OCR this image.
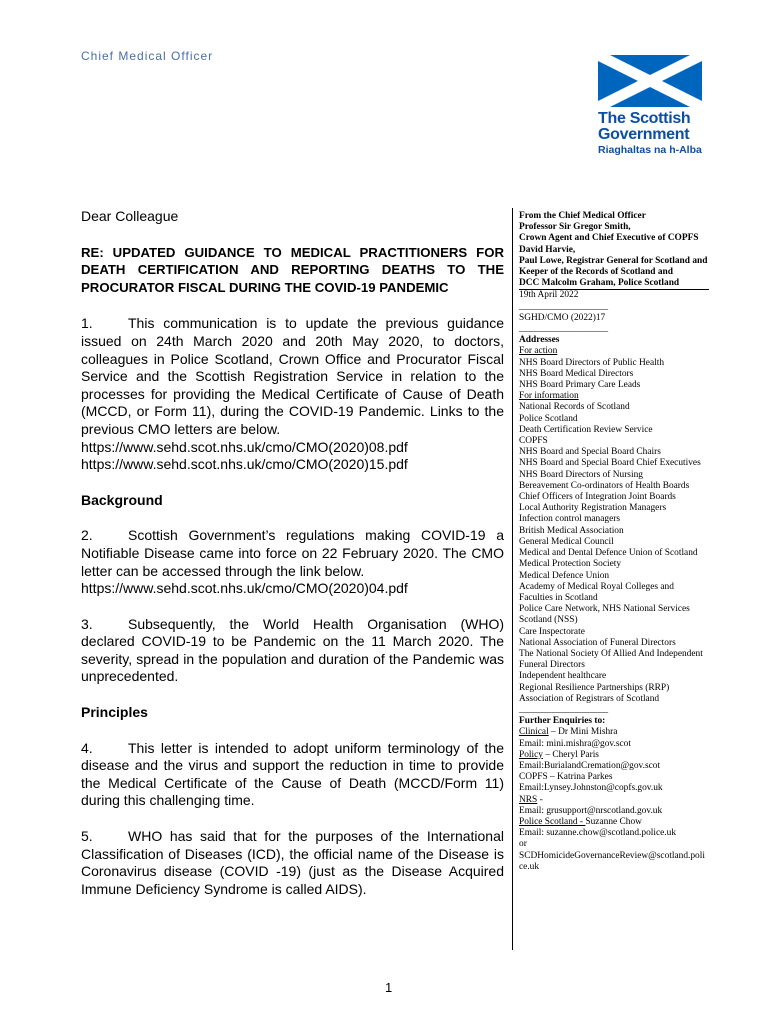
Chief Medical Officer
The Scottish
Government
Riaghaltas na h-Alba

Dear Colleague

RE: UPDATED GUIDANCE TO MEDICAL PRACTITIONERS FOR DEATH CERTIFICATION AND REPORTING DEATHS TO THE PROCURATOR FISCAL DURING THE COVID-19 PANDEMIC

1.	This communication is to update the previous guidance issued on 24th March 2020 and 20th May 2020, to doctors, colleagues in Police Scotland, Crown Office and Procurator Fiscal Service and the Scottish Registration Service in relation to the processes for providing the Medical Certificate of Cause of Death (MCCD, or Form 11), during the COVID-19 Pandemic. Links to the previous CMO letters are below.
https://www.sehd.scot.nhs.uk/cmo/CMO(2020)08.pdf
https://www.sehd.scot.nhs.uk/cmo/CMO(2020)15.pdf

Background

2.	Scottish Government’s regulations making COVID-19 a Notifiable Disease came into force on 22 February 2020. The CMO letter can be accessed through the link below.
https://www.sehd.scot.nhs.uk/cmo/CMO(2020)04.pdf

3.	Subsequently, the World Health Organisation (WHO) declared COVID-19 to be Pandemic on the 11 March 2020. The severity, spread in the population and duration of the Pandemic was unprecedented.

Principles

4.	This letter is intended to adopt uniform terminology of the disease and the virus and support the reduction in time to provide the Medical Certificate of the Cause of Death (MCCD/Form 11) during this challenging time.

5.	WHO has said that for the purposes of the International Classification of Diseases (ICD), the official name of the Disease is Coronavirus disease (COVID -19) (just as the Disease Acquired Immune Deficiency Syndrome is called AIDS).

From the Chief Medical Officer
Professor Sir Gregor Smith,
Crown Agent and Chief Executive of COPFS
David Harvie,
Paul Lowe, Registrar General for Scotland and Keeper of the Records of Scotland and
DCC Malcolm Graham, Police Scotland
19th April 2022
___________________
SGHD/CMO (2022)17
___________________
Addresses
For action
NHS Board Directors of Public Health
NHS Board Medical Directors
NHS Board Primary Care Leads
For information
National Records of Scotland
Police Scotland
Death Certification Review Service
COPFS
NHS Board and Special Board Chairs
NHS Board and Special Board Chief Executives
NHS Board Directors of Nursing
Bereavement Co-ordinators of Health Boards
Chief Officers of Integration Joint Boards
Local Authority Registration Managers
Infection control managers
British Medical Association
General Medical Council
Medical and Dental Defence Union of Scotland
Medical Protection Society
Medical Defence Union
Academy of Medical Royal Colleges and Faculties in Scotland
Police Care Network, NHS National Services Scotland (NSS)
Care Inspectorate
National Association of Funeral Directors
The National Society Of Allied And Independent Funeral Directors
Independent healthcare
Regional Resilience Partnerships (RRP)
Association of Registrars of Scotland
___________________
Further Enquiries to:
Clinical – Dr Mini Mishra
Email: mini.mishra@gov.scot
Policy – Cheryl Paris
Email:BurialandCremation@gov.scot
COPFS – Katrina Parkes
Email:Lynsey.Johnston@copfs.gov.uk
NRS -
Email: grusupport@nrscotland.gov.uk
Police Scotland - Suzanne Chow
Email: suzanne.chow@scotland.police.uk
or
SCDHomicideGovernanceReview@scotland.police.uk
1
